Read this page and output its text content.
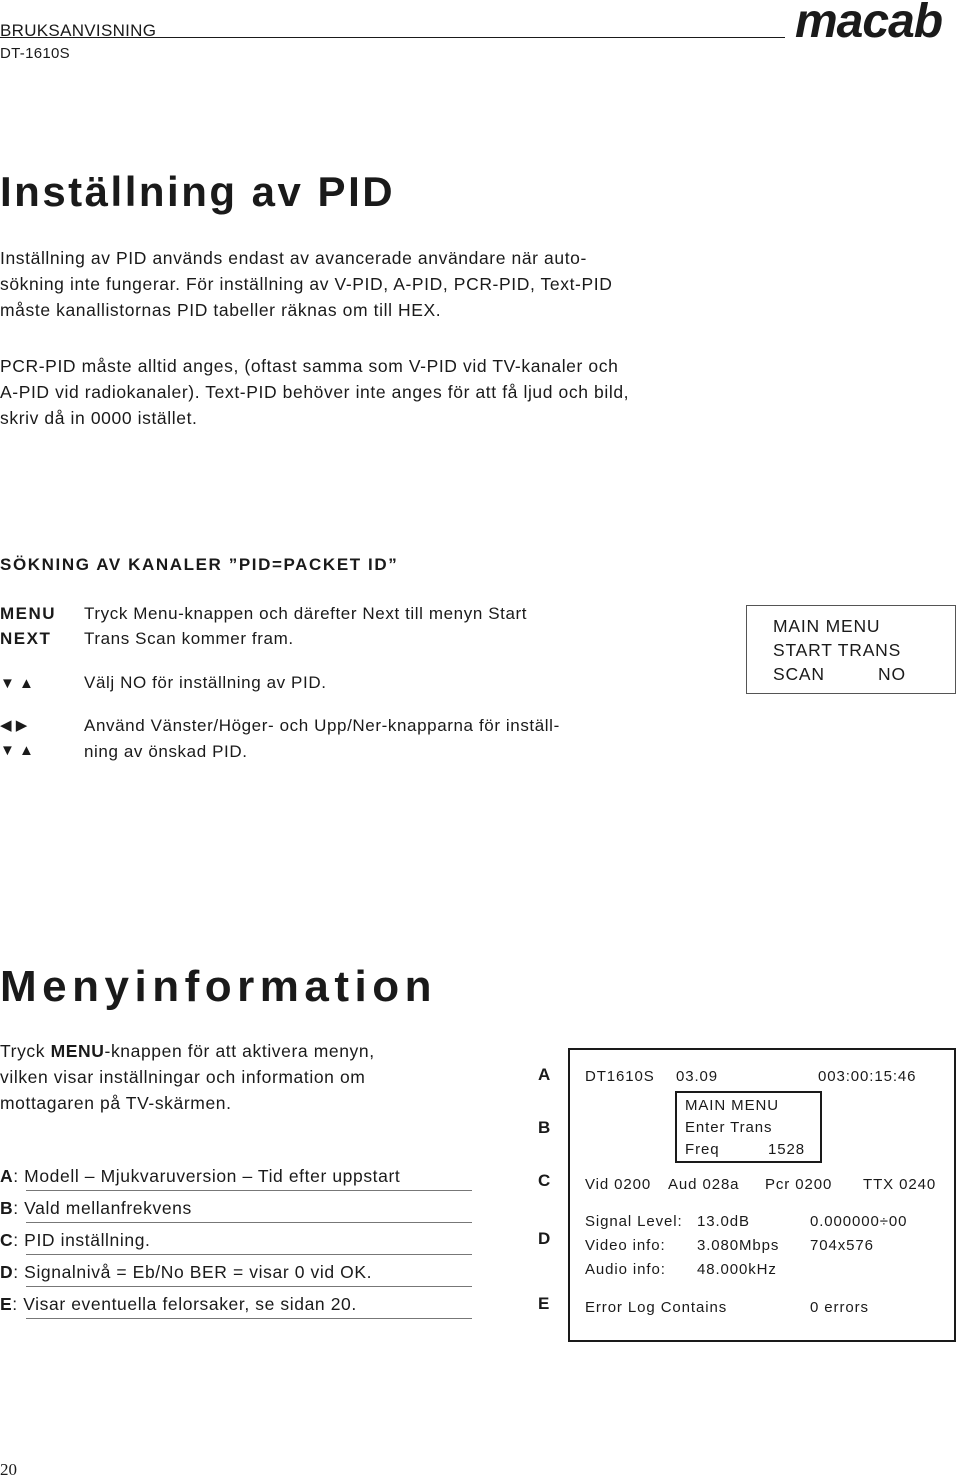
BRUKSANVISNING
DT-1610S
macab
Inställning av PID
Inställning av PID används endast av avancerade användare när auto-
sökning inte fungerar. För inställning av V-PID, A-PID, PCR-PID, Text-PID
måste kanallistornas PID tabeller räknas om till HEX.
PCR-PID måste alltid anges, (oftast samma som V-PID vid TV-kanaler och
A-PID vid radiokanaler). Text-PID behöver inte anges för att få ljud och bild,
skriv då in 0000 istället.
SÖKNING AV KANALER ”PID=PACKET ID”
MENU
NEXT
Tryck Menu-knappen och därefter Next till menyn Start
Trans Scan kommer fram.
▼ ▲	Välj NO för inställning av PID.
◀ ▶
▼ ▲
Använd Vänster/Höger- och Upp/Ner-knapparna för inställ-
ning av önskad PID.
MAIN MENU
START TRANS
SCAN	NO
Menyinformation
Tryck MENU-knappen för att aktivera menyn,
vilken visar inställningar och information om
mottagaren på TV-skärmen.
A: Modell – Mjukvaruversion – Tid efter uppstart
B: Vald mellanfrekvens
C: PID inställning.
D: Signalnivå = Eb/No BER = visar 0 vid OK.
E: Visar eventuella felorsaker, se sidan 20.
A
B
C
D
E
DT1610S 03.09	003:00:15:46
MAIN MENU
Enter Trans
Freq	1528
Vid 0200 Aud 028a Pcr 0200 TTX 0240
Signal Level: 13.0dB	0.000000÷00
Video info: 3.080Mbps 704x576
Audio info: 48.000kHz
Error Log Contains	0 errors
20
